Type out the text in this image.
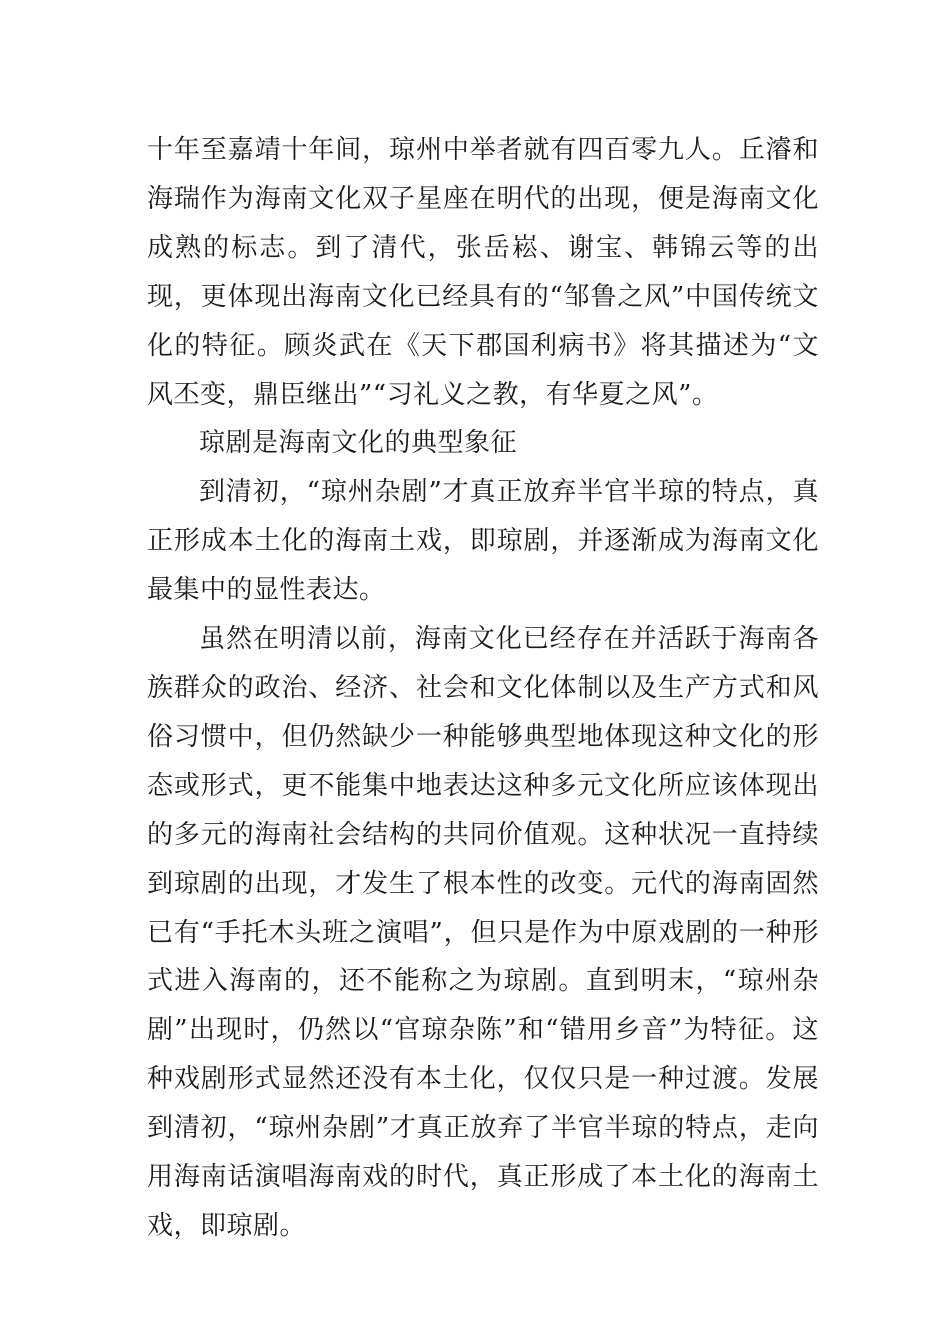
十年至嘉靖十年间，琼州中举者就有四百零九人。丘濬和海瑞作为海南文化双子星座在明代的出现，便是海南文化成熟的标志。到了清代，张岳崧、谢宝、韩锦云等的出现，更体现出海南文化已经具有的“邹鲁之风”中国传统文化的特征。顾炎武在《天下郡国利病书》将其描述为“文风丕变，鼎臣继出”“习礼义之教，有华夏之风”。

琼剧是海南文化的典型象征

到清初，“琼州杂剧”才真正放弃半官半琼的特点，真正形成本土化的海南土戏，即琼剧，并逐渐成为海南文化最集中的显性表达。

虽然在明清以前，海南文化已经存在并活跃于海南各族群众的政治、经济、社会和文化体制以及生产方式和风俗习惯中，但仍然缺少一种能够典型地体现这种文化的形态或形式，更不能集中地表达这种多元文化所应该体现出的多元的海南社会结构的共同价值观。这种状况一直持续到琼剧的出现，才发生了根本性的改变。元代的海南固然已有“手托木头班之演唱”，但只是作为中原戏剧的一种形式进入海南的，还不能称之为琼剧。直到明末，“琼州杂剧”出现时，仍然以“官琼杂陈”和“错用乡音”为特征。这种戏剧形式显然还没有本土化，仅仅只是一种过渡。发展到清初，“琼州杂剧”才真正放弃了半官半琼的特点，走向用海南话演唱海南戏的时代，真正形成了本土化的海南土戏，即琼剧。
